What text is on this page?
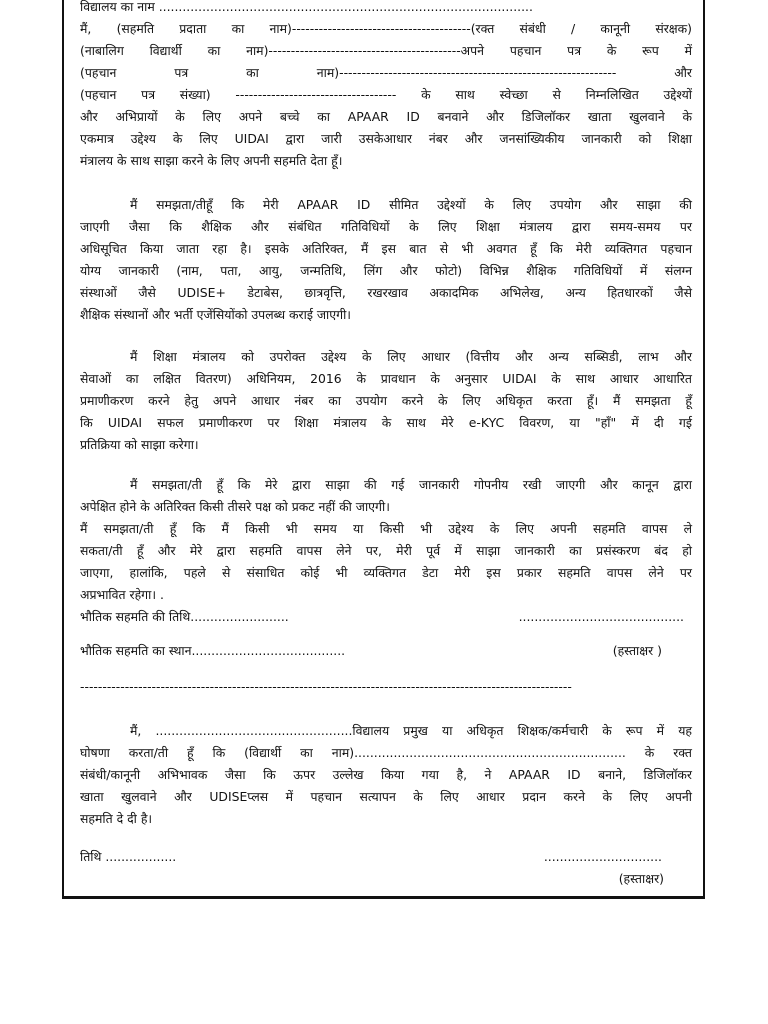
विद्यालय का नाम ...............................................................................................
मैं, (सहमति प्रदाता का नाम)----------------------------------------(रक्त संबंधी / कानूनी संरक्षक)
(नाबालिग विद्यार्थी का नाम)-------------------------------------------अपने पहचान पत्र के रूप में
(पहचान पत्र का नाम)-------------------------------------------------------------- और
(पहचान पत्र संख्या) ------------------------------------ के साथ स्वेच्छा से निम्नलिखित उद्देश्यों
और अभिप्रायों के लिए अपने बच्चे का APAAR ID बनवाने और डिजिलॉकर खाता खुलवाने के
एकमात्र उद्देश्य के लिए UIDAI द्वारा जारी उसकेआधार नंबर और जनसांख्यिकीय जानकारी को शिक्षा
मंत्रालय के साथ साझा करने के लिए अपनी सहमति देता हूँ।
मैं समझता/तीहूँ कि मेरी APAAR ID सीमित उद्देश्यों के लिए उपयोग और साझा की
जाएगी जैसा कि शैक्षिक और संबंधित गतिविधियों के लिए शिक्षा मंत्रालय द्वारा समय-समय पर
अधिसूचित किया जाता रहा है। इसके अतिरिक्त, मैं इस बात से भी अवगत हूँ कि मेरी व्यक्तिगत पहचान
योग्य जानकारी (नाम, पता, आयु, जन्मतिथि, लिंग और फोटो) विभिन्न शैक्षिक गतिविधियों में संलग्न
संस्थाओं जैसे UDISE+ डेटाबेस, छात्रवृत्ति, रखरखाव अकादमिक अभिलेख, अन्य हितधारकों जैसे
शैक्षिक संस्थानों और भर्ती एजेंसियोंको उपलब्ध कराई जाएगी।
मैं शिक्षा मंत्रालय को उपरोक्त उद्देश्य के लिए आधार (वित्तीय और अन्य सब्सिडी, लाभ और
सेवाओं का लक्षित वितरण) अधिनियम, 2016 के प्रावधान के अनुसार UIDAI के साथ आधार आधारित
प्रमाणीकरण करने हेतु अपने आधार नंबर का उपयोग करने के लिए अधिकृत करता हूँ। मैं समझता हूँ
कि UIDAI सफल प्रमाणीकरण पर शिक्षा मंत्रालय के साथ मेरे e-KYC विवरण, या "हाँ" में दी गई
प्रतिक्रिया को साझा करेगा।
मैं समझता/ती हूँ कि मेरे द्वारा साझा की गई जानकारी गोपनीय रखी जाएगी और कानून द्वारा
अपेक्षित होने के अतिरिक्त किसी तीसरे पक्ष को प्रकट नहीं की जाएगी।
मैं समझता/ती हूँ कि मैं किसी भी समय या किसी भी उद्देश्य के लिए अपनी सहमति वापस ले
सकता/ती हूँ और मेरे द्वारा सहमति वापस लेने पर, मेरी पूर्व में साझा जानकारी का प्रसंस्करण बंद हो
जाएगा, हालांकि, पहले से संसाधित कोई भी व्यक्तिगत डेटा मेरी इस प्रकार सहमति वापस लेने पर
अप्रभावित रहेगा। .
भौतिक सहमति की तिथि.........................	..........................................
भौतिक सहमति का स्थान.......................................	(हस्ताक्षर )
--------------------------------------------------------------------------------------------------------------
मैं, ..................................................विद्यालय प्रमुख या अधिकृत शिक्षक/कर्मचारी के रूप में यह
घोषणा करता/ती हूँ कि (विद्यार्थी का नाम)..................................................................... के रक्त
संबंधी/कानूनी अभिभावक जैसा कि ऊपर उल्लेख किया गया है, ने APAAR ID बनाने, डिजिलॉकर
खाता खुलवाने और UDISEप्लस में पहचान सत्यापन के लिए आधार प्रदान करने के लिए अपनी
सहमति दे दी है।
तिथि ..................	..............................
(हस्ताक्षर)
